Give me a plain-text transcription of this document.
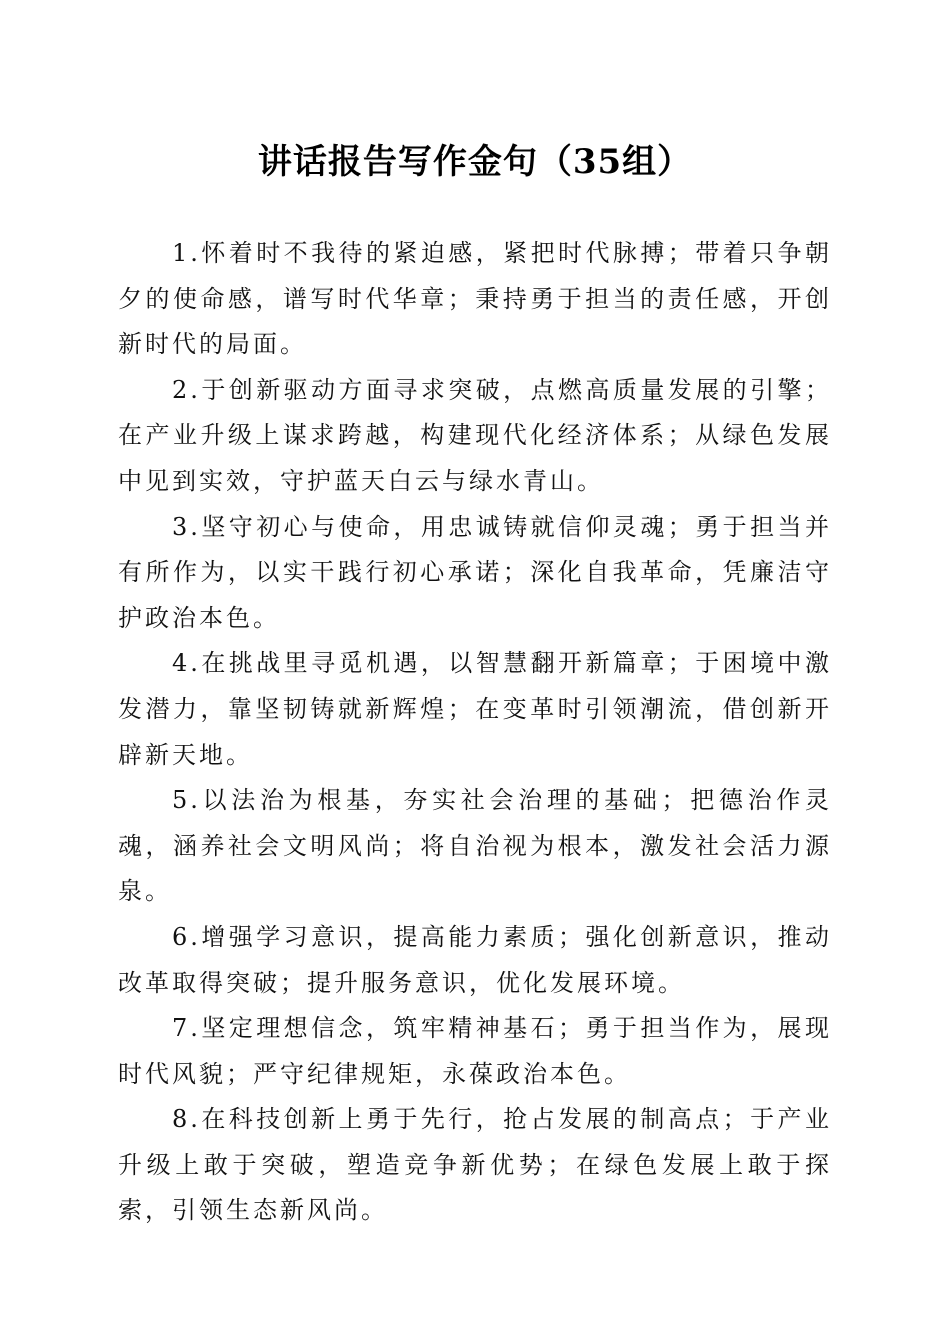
讲话报告写作金句（35组）

1.怀着时不我待的紧迫感，紧把时代脉搏；带着只争朝夕的使命感，谱写时代华章；秉持勇于担当的责任感，开创新时代的局面。

2.于创新驱动方面寻求突破，点燃高质量发展的引擎；在产业升级上谋求跨越，构建现代化经济体系；从绿色发展中见到实效，守护蓝天白云与绿水青山。

3.坚守初心与使命，用忠诚铸就信仰灵魂；勇于担当并有所作为，以实干践行初心承诺；深化自我革命，凭廉洁守护政治本色。

4.在挑战里寻觅机遇，以智慧翻开新篇章；于困境中激发潜力，靠坚韧铸就新辉煌；在变革时引领潮流，借创新开辟新天地。

5.以法治为根基，夯实社会治理的基础；把德治作灵魂，涵养社会文明风尚；将自治视为根本，激发社会活力源泉。

6.增强学习意识，提高能力素质；强化创新意识，推动改革取得突破；提升服务意识，优化发展环境。

7.坚定理想信念，筑牢精神基石；勇于担当作为，展现时代风貌；严守纪律规矩，永葆政治本色。

8.在科技创新上勇于先行，抢占发展的制高点；于产业升级上敢于突破，塑造竞争新优势；在绿色发展上敢于探索，引领生态新风尚。
